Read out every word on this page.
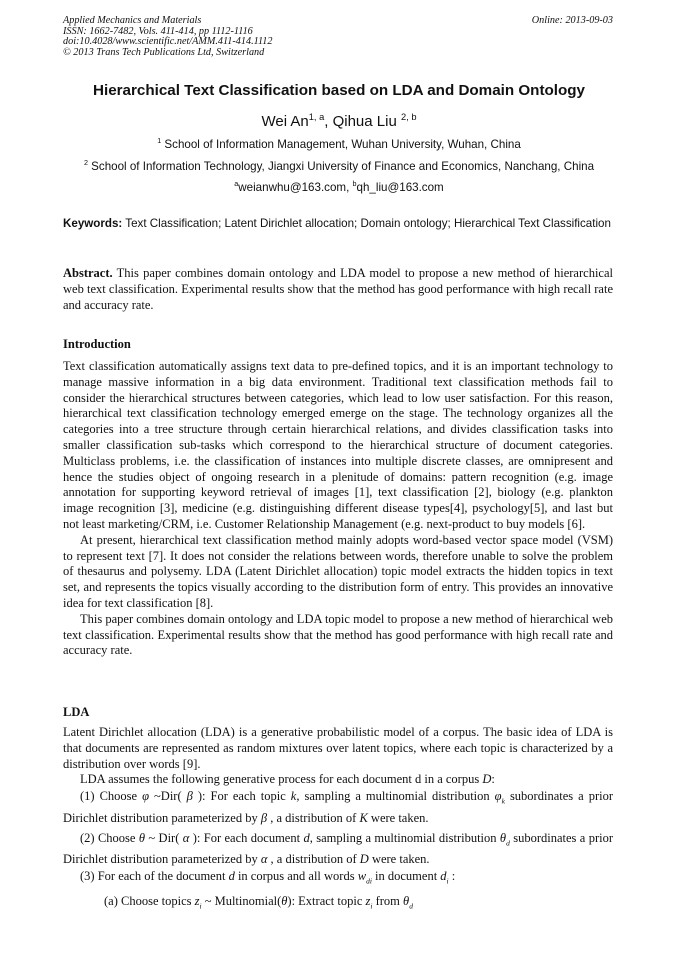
Applied Mechanics and Materials
ISSN: 1662-7482, Vols. 411-414, pp 1112-1116
doi:10.4028/www.scientific.net/AMM.411-414.1112
© 2013 Trans Tech Publications Ltd, Switzerland
Online: 2013-09-03
Hierarchical Text Classification based on LDA and Domain Ontology
Wei An$^{1, a}$, Qihua Liu $^{2, b}$
$^1$ School of Information Management, Wuhan University, Wuhan, China
$^2$ School of Information Technology, Jiangxi University of Finance and Economics, Nanchang, China
$^a$weianwhu@163.com, $^b$qh_liu@163.com
Keywords: Text Classification; Latent Dirichlet allocation; Domain ontology; Hierarchical Text Classification
Abstract. This paper combines domain ontology and LDA model to propose a new method of hierarchical web text classification. Experimental results show that the method has good performance with high recall rate and accuracy rate.
Introduction

Text classification automatically assigns text data to pre-defined topics, and it is an important technology to manage massive information in a big data environment. Traditional text classification methods fail to consider the hierarchical structures between categories, which lead to low user satisfaction. For this reason, hierarchical text classification technology emerged emerge on the stage. The technology organizes all the categories into a tree structure through certain hierarchical relations, and divides classification tasks into smaller classification sub-tasks which correspond to the hierarchical structure of document categories. Multiclass problems, i.e. the classification of instances into multiple discrete classes, are omnipresent and hence the studies object of ongoing research in a plenitude of domains: pattern recognition (e.g. image annotation for supporting keyword retrieval of images [1], text classification [2], biology (e.g. plankton image recognition [3], medicine (e.g. distinguishing different disease types[4], psychology[5], and last but not least marketing/CRM, i.e. Customer Relationship Management (e.g. next-product to buy models [6].

At present, hierarchical text classification method mainly adopts word-based vector space model (VSM) to represent text [7]. It does not consider the relations between words, therefore unable to solve the problem of thesaurus and polysemy. LDA (Latent Dirichlet allocation) topic model extracts the hidden topics in text set, and represents the topics visually according to the distribution form of entry. This provides an innovative idea for text classification [8].

This paper combines domain ontology and LDA topic model to propose a new method of hierarchical web text classification. Experimental results show that the method has good performance with high recall rate and accuracy rate.

LDA

Latent Dirichlet allocation (LDA) is a generative probabilistic model of a corpus. The basic idea of LDA is that documents are represented as random mixtures over latent topics, where each topic is characterized by a distribution over words [9].

LDA assumes the following generative process for each document d in a corpus D:

(1) Choose φ ~Dir( β ): For each topic k, sampling a multinomial distribution $\varphi_k$ subordinates a prior Dirichlet distribution parameterized by β , a distribution of K were taken.

(2) Choose θ ~ Dir( α ): For each document d, sampling a multinomial distribution $\theta_d$ subordinates a prior Dirichlet distribution parameterized by α , a distribution of D were taken.

(3) For each of the document d in corpus and all words $w_{di}$ in document $d_i$ :

(a) Choose topics $z_i$ ~ Multinomial(θ): Extract topic $z_i$ from $\theta_d$
